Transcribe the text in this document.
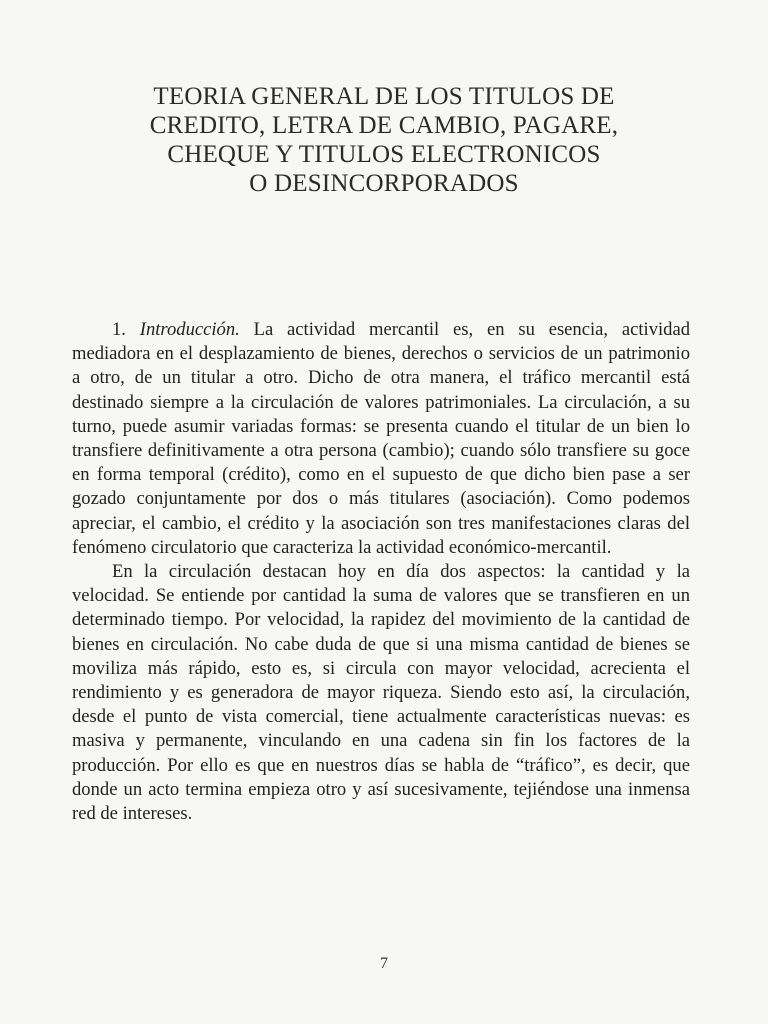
TEORIA GENERAL DE LOS TITULOS DE
CREDITO, LETRA DE CAMBIO, PAGARE,
CHEQUE Y TITULOS ELECTRONICOS
O DESINCORPORADOS

1. Introducción. La actividad mercantil es, en su esencia, actividad mediadora en el desplazamiento de bienes, derechos o servicios de un patrimonio a otro, de un titular a otro. Dicho de otra manera, el tráfico mercantil está destinado siempre a la circulación de valores patrimoniales. La circulación, a su turno, puede asumir variadas formas: se presenta cuando el titular de un bien lo transfiere definitivamente a otra persona (cambio); cuando sólo transfiere su goce en forma temporal (crédito), como en el supuesto de que dicho bien pase a ser gozado conjuntamente por dos o más titulares (asociación). Como podemos apreciar, el cambio, el crédito y la asociación son tres manifestaciones claras del fenómeno circulatorio que caracteriza la actividad económico-mercantil.

En la circulación destacan hoy en día dos aspectos: la cantidad y la velocidad. Se entiende por cantidad la suma de valores que se transfieren en un determinado tiempo. Por velocidad, la rapidez del movimiento de la cantidad de bienes en circulación. No cabe duda de que si una misma cantidad de bienes se moviliza más rápido, esto es, si circula con mayor velocidad, acrecienta el rendimiento y es generadora de mayor riqueza. Siendo esto así, la circulación, desde el punto de vista comercial, tiene actualmente características nuevas: es masiva y permanente, vinculando en una cadena sin fin los factores de la producción. Por ello es que en nuestros días se habla de “tráfico”, es decir, que donde un acto termina empieza otro y así sucesivamente, tejiéndose una inmensa red de intereses.

7
